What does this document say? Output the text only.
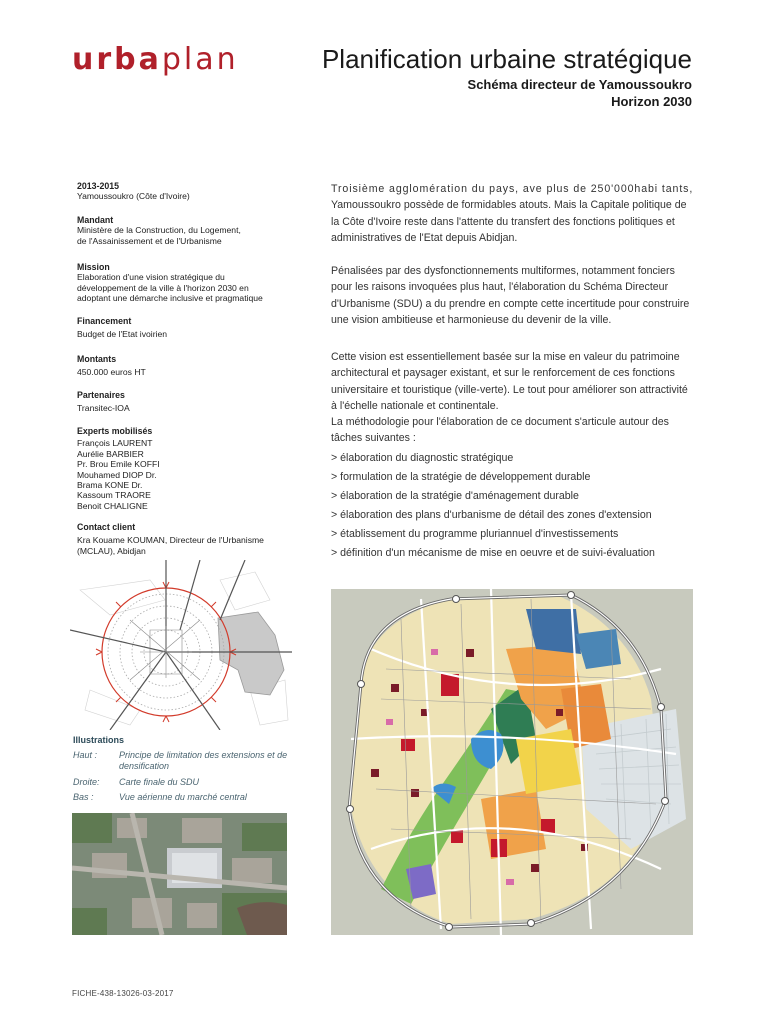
urbaplan	Planification urbaine stratégique
Schéma directeur de Yamoussoukro
Horizon 2030
2013-2015
Yamoussoukro (Côte d'Ivoire)
Mandant
Ministère de la Construction, du Logement,
de l'Assainissement et de l'Urbanisme
Mission
Elaboration d'une vision stratégique du
développement de la ville à l'horizon 2030 en
adoptant une démarche inclusive et pragmatique
Financement
Budget de l'Etat ivoirien
Montants
450.000 euros HT
Partenaires
Transitec-IOA
Experts mobilisés
François LAURENT
Aurélie BARBIER
Pr. Brou Emile KOFFI
Mouhamed DIOP Dr.
Brama KONE Dr.
Kassoum TRAORE
Benoit CHALIGNE
Contact client
Kra Kouame KOUMAN, Directeur de l'Urbanisme
(MCLAU), Abidjan
Illustrations
Haut :	Principe de limitation des extensions et de densification
Droite:	Carte finale du SDU
Bas :	Vue aérienne du marché central

Troisième agglomération du pays, ave plus de 250'000habi tants, Yamoussoukro possède de formidables atouts. Mais la Capitale politique de la Côte d'Ivoire reste dans l'attente du transfert des fonctions politiques et administratives de l'Etat depuis Abidjan.

Pénalisées par des dysfonctionnements multiformes, notamment fonciers pour les raisons invoquées plus haut, l'élaboration du Schéma Directeur d'Urbanisme (SDU) a du prendre en compte cette incertitude pour construire une vision ambitieuse et harmonieuse du devenir de la ville.

Cette vision est essentiellement basée sur la mise en valeur du patrimoine architectural et paysager existant, et sur le renforcement de ces fonctions universitaire et touristique (ville-verte). Le tout pour améliorer son attractivité à l'échelle nationale et continentale.

La méthodologie pour l'élaboration de ce document s'articule autour des tâches suivantes :

> élaboration du diagnostic stratégique
> formulation de la stratégie de développement durable
> élaboration de la stratégie d'aménagement durable
> élaboration des plans d'urbanisme de détail des zones d'extension
> établissement du programme pluriannuel d'investissements
> définition d'un mécanisme de mise en oeuvre et de suivi-évaluation
FICHE-438-13026-03-2017
